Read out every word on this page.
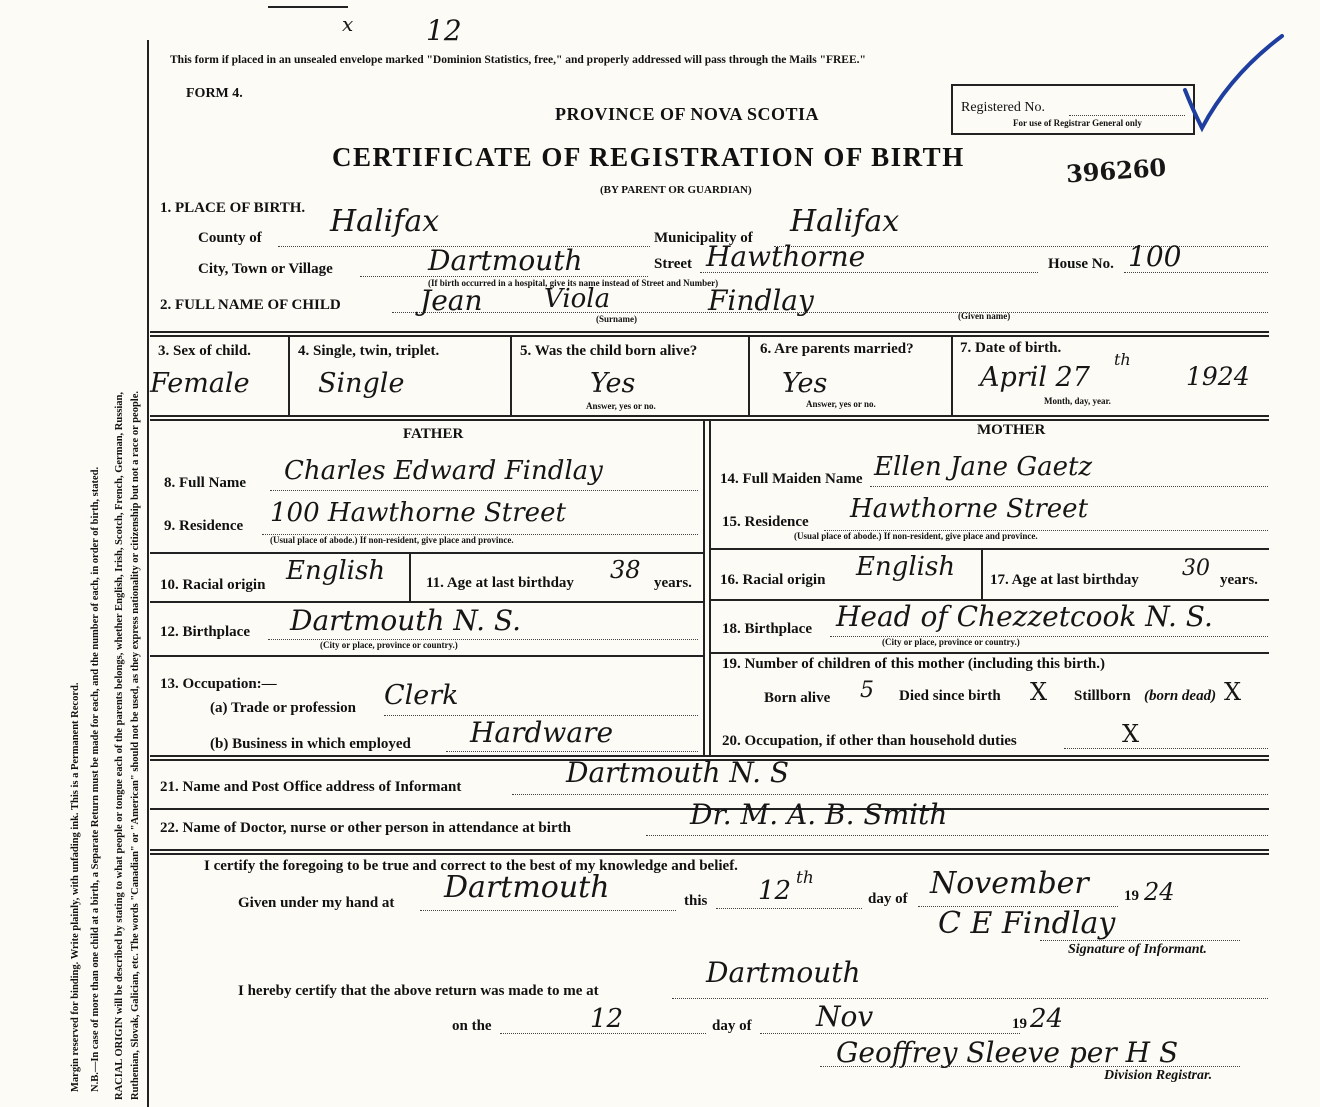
x	12
Margin reserved for binding. Write plainly, with unfading ink. This is a Permanent Record. N.B.—In case of more than one child at a birth, a Separate Return must be made for each, and the number of each, in order of birth, stated. RACIAL ORIGIN will be described by stating to what people or tongue each of the parents belongs, whether English, Irish, Scotch, French, German, Russian, Ruthenian, Slovak, Galician, etc. The words "Canadian" or "American" should not be used, as they express nationality or citizenship but not a race or people.
This form if placed in an unsealed envelope marked "Dominion Statistics, free," and properly addressed will pass through the Mails "FREE."
FORM 4.
PROVINCE OF NOVA SCOTIA
CERTIFICATE OF REGISTRATION OF BIRTH
(BY PARENT OR GUARDIAN)
Registered No.
For use of Registrar General only
396260
1. PLACE OF BIRTH.
County of Halifax	Municipality of Halifax
City, Town or Village	Dartmouth
(If birth occurred in a hospital, give its name instead of Street and Number)
Street Hawthorne	House No. 100
2. FULL NAME OF CHILD	Jean Viola	Findlay
(Surname)	(Given name)
3. Sex of child.
Female
4. Single, twin, triplet.
Single
5. Was the child born alive?
Yes
Answer, yes or no.
6. Are parents married?
Yes
Answer, yes or no.
7. Date of birth.
April 27
th
1924
Month, day, year.
FATHER	MOTHER
8. Full Name Charles Edward Findlay
9. Residence 100 Hawthorne Street
(Usual place of abode.) If non-resident, give place and province.
10. Racial origin English	11. Age at last birthday 38 years.
12. Birthplace Dartmouth N. S.
(City or place, province or country.)
13. Occupation:—
(a) Trade or profession Clerk
(b) Business in which employed Hardware
14. Full Maiden Name Ellen Jane Gaetz
15. Residence Hawthorne Street
(Usual place of abode.) If non-resident, give place and province.
16. Racial origin English 17. Age at last birthday 30 years.
18. Birthplace Head of Chezzetcook N. S.
(City or place, province or country.)
19. Number of children of this mother (including this birth.)
Born alive 5 Died since birth X Stillborn (born dead) X
20. Occupation, if other than household duties	X
21. Name and Post Office address of Informant	Dartmouth N. S
22. Name of Doctor, nurse or other person in attendance at birth	Dr. M. A. B. Smith
I certify the foregoing to be true and correct to the best of my knowledge and belief.
Given under my hand at Dartmouth	this 12 th
day of November 19 24
C E Findlay
Signature of Informant.
I hereby certify that the above return was made to me at
Dartmouth
on the	12	day of Nov	19 24
Geoffrey Sleeve per H S
Division Registrar.
